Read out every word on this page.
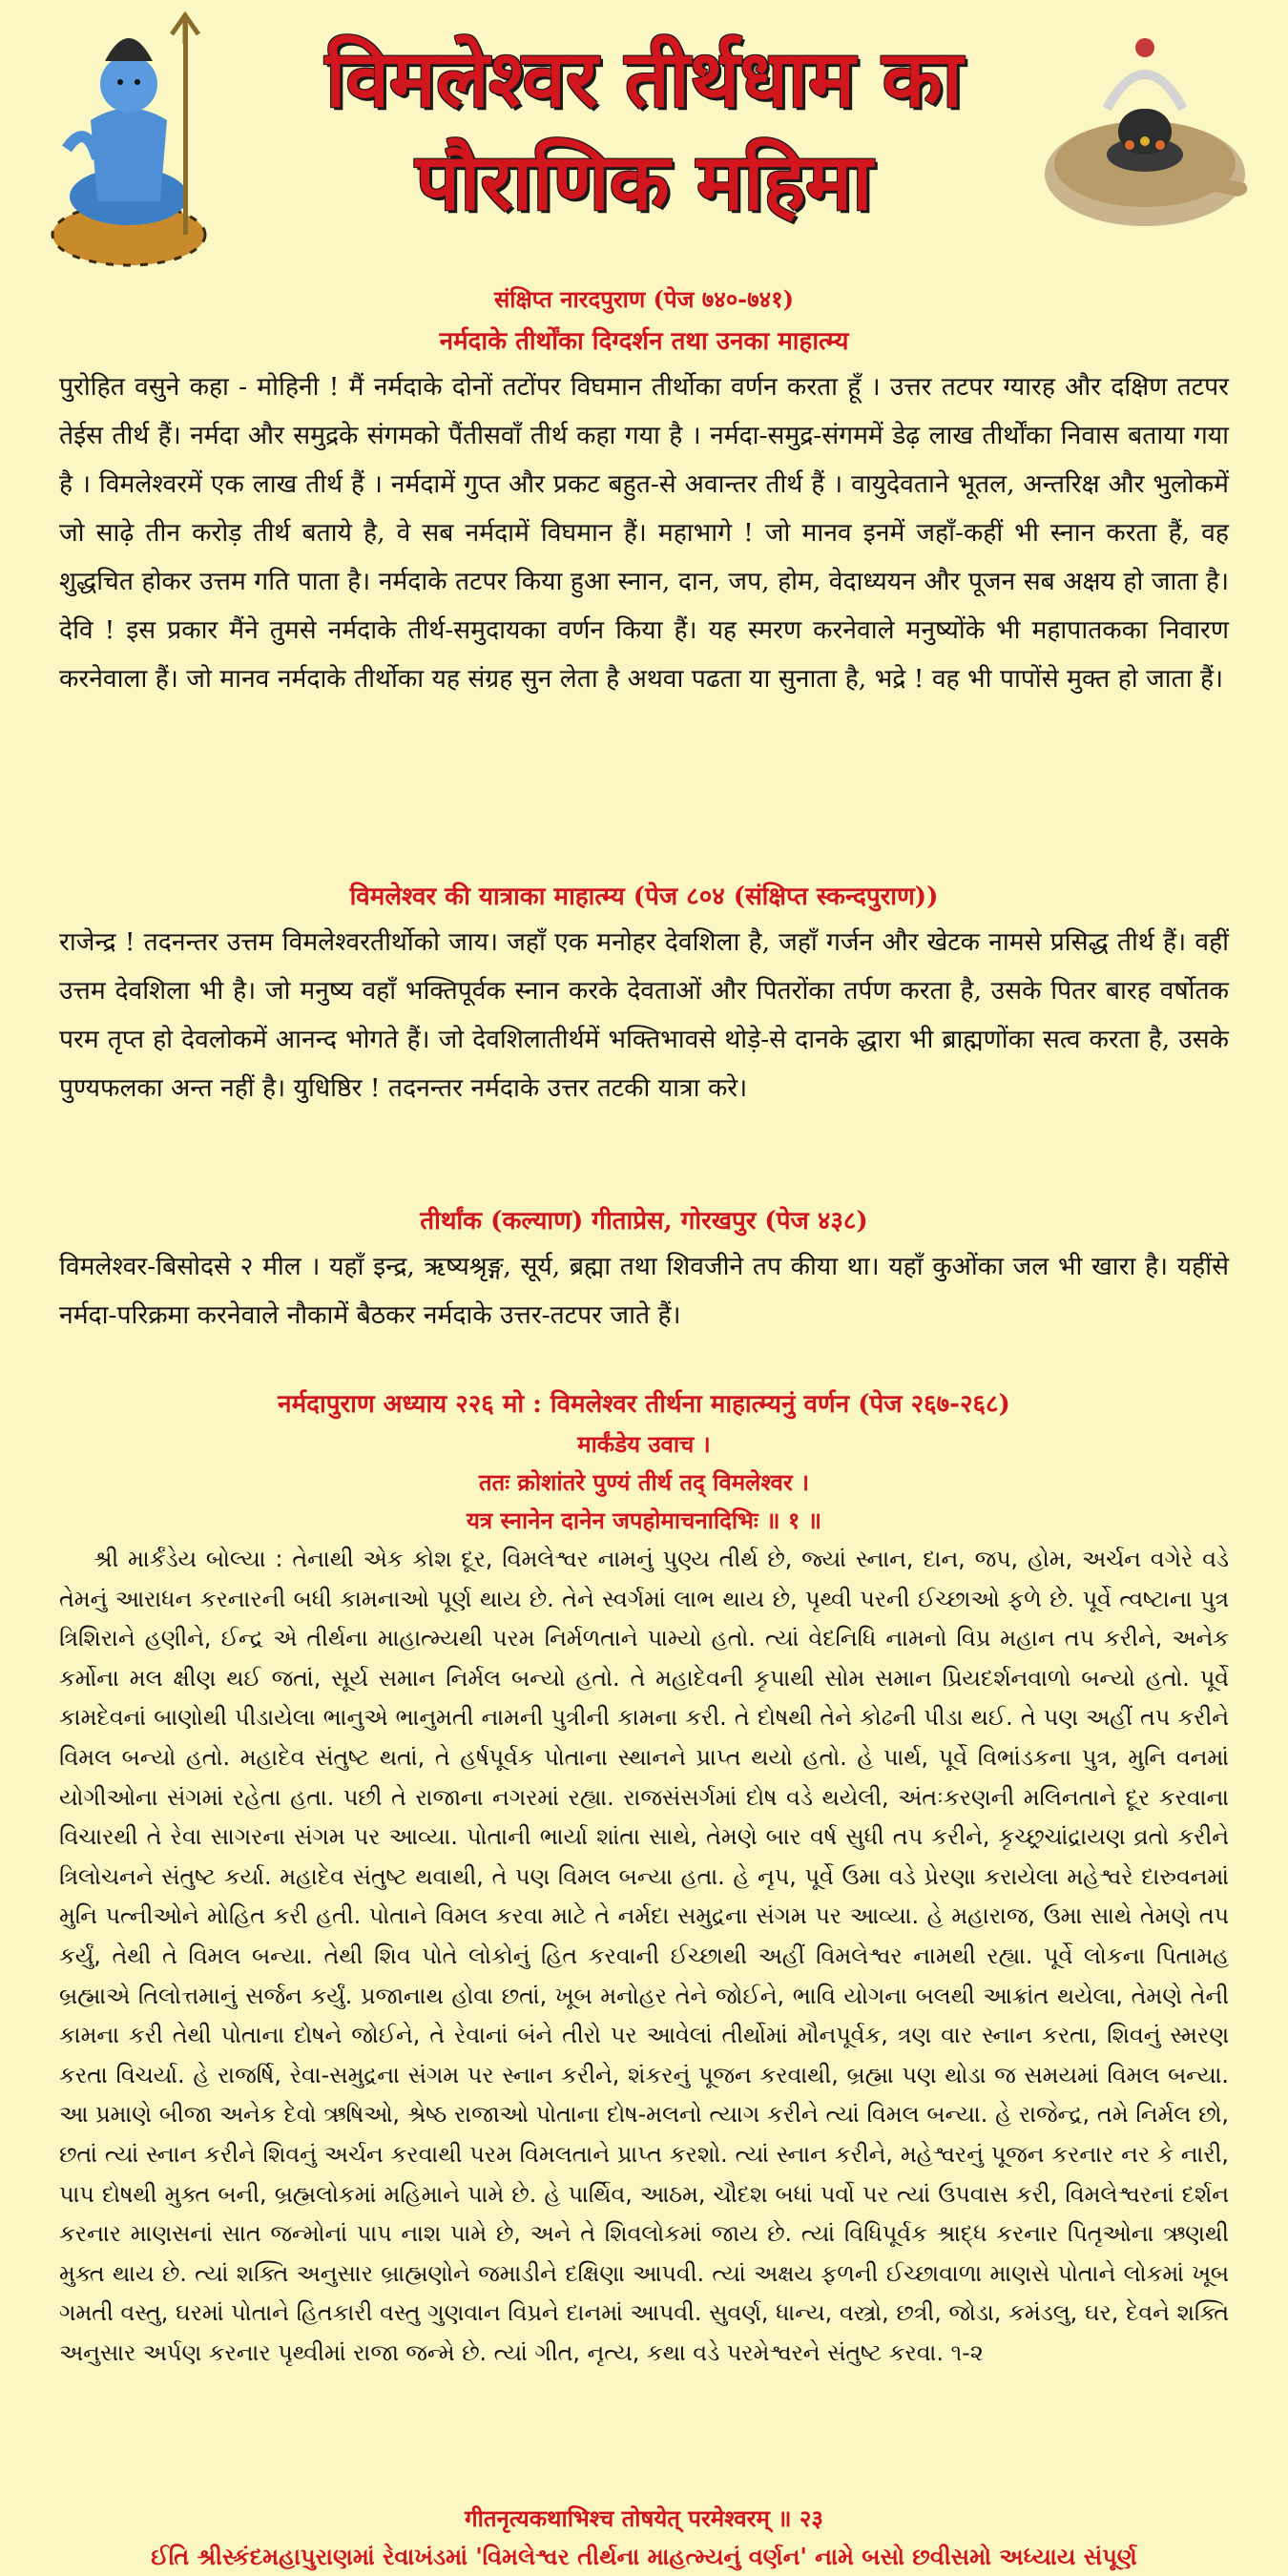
विमलेश्वर तीर्थधाम का
पौराणिक महिमा

संक्षिप्त नारदपुराण (पेज ७४०-७४१)

नर्मदाके तीर्थोंका दिग्दर्शन तथा उनका माहात्म्य

पुरोहित वसुने कहा - मोहिनी ! मैं नर्मदाके दोनों तटोंपर विघमान तीर्थोका वर्णन करता हूँ । उत्तर तटपर ग्यारह और दक्षिण तटपर तेईस तीर्थ हैं। नर्मदा और समुद्रके संगमको पैंतीसवाँ तीर्थ कहा गया है । नर्मदा-समुद्र-संगममें डेढ़ लाख तीर्थोंका निवास बताया गया है । विमलेश्वरमें एक लाख तीर्थ हैं । नर्मदामें गुप्त और प्रकट बहुत-से अवान्तर तीर्थ हैं । वायुदेवताने भूतल, अन्तरिक्ष और भुलोकमें जो साढ़े तीन करोड़ तीर्थ बताये है, वे सब नर्मदामें विघमान हैं। महाभागे ! जो मानव इनमें जहाँ-कहीं भी स्नान करता हैं, वह शुद्धचित होकर उत्तम गति पाता है। नर्मदाके तटपर किया हुआ स्नान, दान, जप, होम, वेदाध्ययन और पूजन सब अक्षय हो जाता है। देवि ! इस प्रकार मैंने तुमसे नर्मदाके तीर्थ-समुदायका वर्णन किया हैं। यह स्मरण करनेवाले मनुष्योंके भी महापातकका निवारण करनेवाला हैं। जो मानव नर्मदाके तीर्थोका यह संग्रह सुन लेता है अथवा पढता या सुनाता है, भद्रे ! वह भी पापोंसे मुक्त हो जाता हैं।

विमलेश्वर की यात्राका माहात्म्य (पेज ८०४ (संक्षिप्त स्कन्दपुराण))

राजेन्द्र ! तदनन्तर उत्तम विमलेश्वरतीर्थोको जाय। जहाँ एक मनोहर देवशिला है, जहाँ गर्जन और खेटक नामसे प्रसिद्ध तीर्थ हैं। वहीं उत्तम देवशिला भी है। जो मनुष्य वहाँ भक्तिपूर्वक स्नान करके देवताओं और पितरोंका तर्पण करता है, उसके पितर बारह वर्षोतक परम तृप्त हो देवलोकमें आनन्द भोगते हैं। जो देवशिलातीर्थमें भक्तिभावसे थोड़े-से दानके द्धारा भी ब्राह्मणोंका सत्व करता है, उसके पुण्यफलका अन्त नहीं है। युधिष्ठिर ! तदनन्तर नर्मदाके उत्तर तटकी यात्रा करे।

तीर्थांक (कल्याण) गीताप्रेस, गोरखपुर (पेज ४३८)

विमलेश्वर-बिसोदसे २ मील । यहाँ इन्द्र, ऋष्यश्रृङ्ग, सूर्य, ब्रह्मा तथा शिवजीने तप कीया था। यहाँ कुओंका जल भी खारा है। यहींसे नर्मदा-परिक्रमा करनेवाले नौकामें बैठकर नर्मदाके उत्तर-तटपर जाते हैं।

नर्मदापुराण अध्याय २२६ मो : विमलेश्वर तीर्थना माहात्म्यनुं वर्णन (पेज २६७-२६८)

मार्कंडेय उवाच ।

ततः क्रोशांतरे पुण्यं तीर्थ तद् विमलेश्वर ।

यत्र स्नानेन दानेन जपहोमाचनादिभिः ॥ १ ॥

શ્રી માર્કંડેય બોલ્યા : તેનાથી એક કોશ દૂર, વિમલેશ્વર નામનું પુણ્ય તીર્થ છે, જ્યાં સ્નાન, દાન, જપ, હોમ, અર્ચન વગેરે વડે તેમનું આરાધન કરનારની બધી કામનાઓ પૂર્ણ થાય છે. તેને સ્વર્ગમાં લાભ થાય છે, પૃથ્વી પરની ઈચ્છાઓ ફળે છે. પૂર્વે ત્વષ્ટાના પુત્ર ત્રિશિરાને હણીને, ઈન્દ્ર એ તીર્થના માહાત્મ્યથી પરમ નિર્મળતાને પામ્યો હતો. ત્યાં વેદનિધિ નામનો વિપ્ર મહાન તપ કરીને, અનેક કર્મોના મલ ક્ષીણ થઈ જતાં, સૂર્ય સમાન નિર્મલ બન્યો હતો. તે મહાદેવની કૃપાથી સોમ સમાન પ્રિયદર્શનવાળો બન્યો હતો. પૂર્વે કામદેવનાં બાણોથી પીડાયેલા ભાનુએ ભાનુમતી નામની પુત્રીની કામના કરી. તે દોષથી તેને કોઢની પીડા થઈ. તે પણ અહીં તપ કરીને વિમલ બન્યો હતો. મહાદેવ સંતુષ્ટ થતાં, તે હર્ષપૂર્વક પોતાના સ્થાનને પ્રાપ્ત થયો હતો. હે પાર્થ, પૂર્વે વિભાંડકના પુત્ર, મુનિ વનમાં યોગીઓના સંગમાં રહેતા હતા. પછી તે રાજાના નગરમાં રહ્યા. રાજસંસર્ગમાં દોષ વડે થયેલી, અંતઃકરણની મલિનતાને દૂર કરવાના વિચારથી તે રેવા સાગરના સંગમ પર આવ્યા. પોતાની ભાર્યા શાંતા સાથે, તેમણે બાર વર્ષ સુધી તપ કરીને, કૃચ્છ્રચાંદ્રાયણ વ્રતો કરીને ત્રિલોચનને સંતુષ્ટ કર્યા. મહાદેવ સંતુષ્ટ થવાથી, તે પણ વિમલ બન્યા હતા. હે નૃપ, પૂર્વે ઉમા વડે પ્રેરણા કરાયેલા મહેશ્વરે દારુવનમાં મુનિ પત્નીઓને મોહિત કરી હતી. પોતાને વિમલ કરવા માટે તે નર્મદા સમુદ્રના સંગમ પર આવ્યા. હે મહારાજ, ઉમા સાથે તેમણે તપ કર્યું, તેથી તે વિમલ બન્યા. તેથી શિવ પોતે લોકોનું હિત કરવાની ઈચ્છાથી અહીં વિમલેશ્વર નામથી રહ્યા. પૂર્વે લોકના પિતામહ બ્રહ્માએ તિલોત્તમાનું સર્જન કર્યું. પ્રજાનાથ હોવા છતાં, ખૂબ મનોહર તેને જોઈને, ભાવિ યોગના બલથી આક્રાંત થયેલા, તેમણે તેની કામના કરી તેથી પોતાના દોષને જોઈને, તે રેવાનાં બંને તીરો પર આવેલાં તીર્થોમાં મૌનપૂર્વક, ત્રણ વાર સ્નાન કરતા, શિવનું સ્મરણ કરતા વિચર્યા. હે રાજર્ષિ, રેવા-સમુદ્રના સંગમ પર સ્નાન કરીને, શંકરનું પૂજન કરવાથી, બ્રહ્મા પણ થોડા જ સમયમાં વિમલ બન્યા. આ પ્રમાણે બીજા અનેક દેવો ઋષિઓ, શ્રેષ્ઠ રાજાઓ પોતાના દોષ-મલનો ત્યાગ કરીને ત્યાં વિમલ બન્યા. હે રાજેન્દ્ર, તમે નિર્મલ છો, છતાં ત્યાં સ્નાન કરીને શિવનું અર્ચન કરવાથી પરમ વિમલતાને પ્રાપ્ત કરશો. ત્યાં સ્નાન કરીને, મહેશ્વરનું પૂજન કરનાર નર કે નારી, પાપ દોષથી મુક્ત બની, બ્રહ્મલોકમાં મહિમાને પામે છે. હે પાર્થિવ, આઠમ, ચૌદશ બધાં પર્વો પર ત્યાં ઉપવાસ કરી, વિમલેશ્વરનાં દર્શન કરનાર માણસનાં સાત જન્મોનાં પાપ નાશ પામે છે, અને તે શિવલોકમાં જાય છે. ત્યાં વિધિપૂર્વક શ્રાદ્ધ કરનાર પિતૃઓના ઋણથી મુક્ત થાય છે. ત્યાં શક્તિ અનુસાર બ્રાહ્મણોને જમાડીને દક્ષિણા આપવી. ત્યાં અક્ષય ફળની ઈચ્છાવાળા માણસે પોતાને લોકમાં ખૂબ ગમતી વસ્તુ, ઘરમાં પોતાને હિતકારી વસ્તુ ગુણવાન વિપ્રને દાનમાં આપવી. સુવર્ણ, ધાન્ય, વસ્ત્રો, છત્રી, જોડા, કમંડલુ, ઘર, દેવને શક્તિ અનુસાર અર્પણ કરનાર પૃથ્વીમાં રાજા જન્મે છે. ત્યાં ગીત, નૃત્ય, કથા વડે પરમેશ્વરને સંતુષ્ટ કરવા. ૧-૨

गीतनृत्यकथाभिश्च तोषयेत् परमेश्वरम् ॥ २३

ઈતિ શ્રીસ્કંદમહાપુરાણમાં રેવાખંડમાં 'વિમલેશ્વર તીર્થના માહત્મ્યનું વર્ણન' નામે બસો છવીસમો અધ્યાય સંપૂર્ણ
